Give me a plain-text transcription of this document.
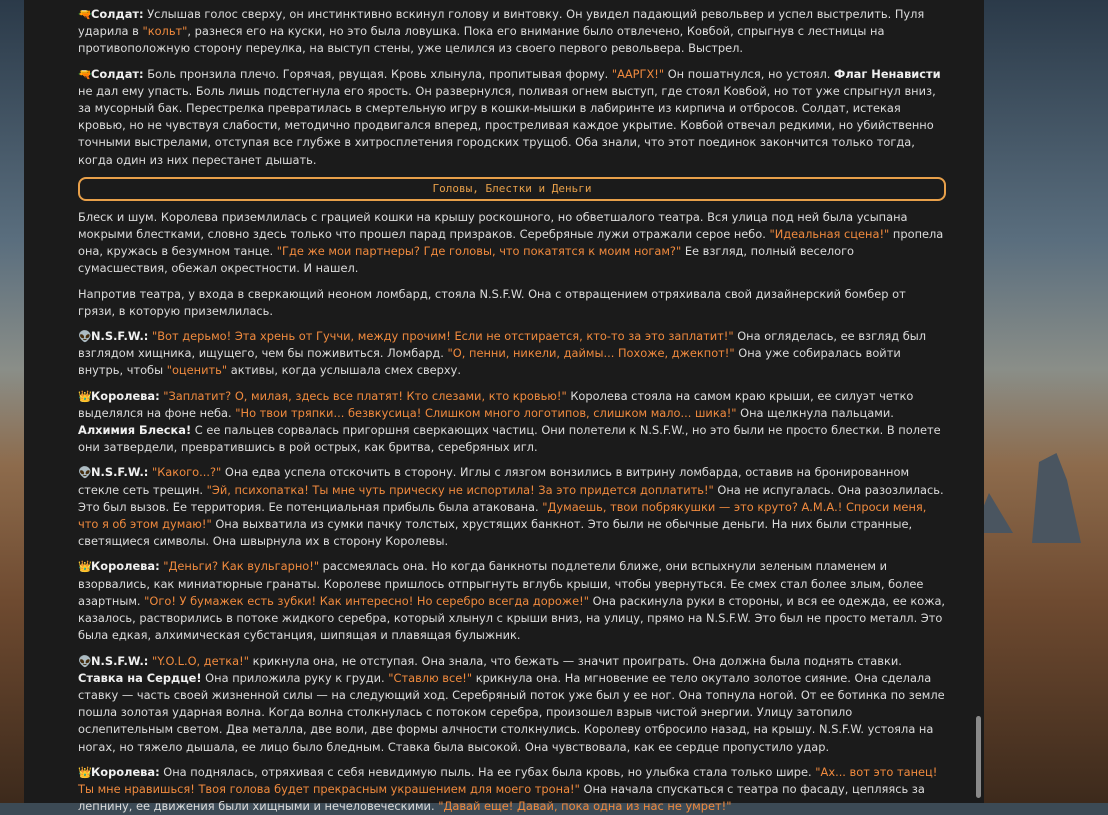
🔫Солдат: Услышав голос сверху, он инстинктивно вскинул голову и винтовку. Он увидел падающий револьвер и успел выстрелить. Пуля ударила в "кольт", разнеся его на куски, но это была ловушка. Пока его внимание было отвлечено, Ковбой, спрыгнув с лестницы на противоположную сторону переулка, на выступ стены, уже целился из своего первого револьвера. Выстрел.

🔫Солдат: Боль пронзила плечо. Горячая, рвущая. Кровь хлынула, пропитывая форму. "ААРГХ!" Он пошатнулся, но устоял. Флаг Ненависти не дал ему упасть. Боль лишь подстегнула его ярость. Он развернулся, поливая огнем выступ, где стоял Ковбой, но тот уже спрыгнул вниз, за мусорный бак. Перестрелка превратилась в смертельную игру в кошки-мышки в лабиринте из кирпича и отбросов. Солдат, истекая кровью, но не чувствуя слабости, методично продвигался вперед, простреливая каждое укрытие. Ковбой отвечал редкими, но убийственно точными выстрелами, отступая все глубже в хитросплетения городских трущоб. Оба знали, что этот поединок закончится только тогда, когда один из них перестанет дышать.

Головы, Блестки и Деньги

Блеск и шум. Королева приземлилась с грацией кошки на крышу роскошного, но обветшалого театра. Вся улица под ней была усыпана мокрыми блестками, словно здесь только что прошел парад призраков. Серебряные лужи отражали серое небо. "Идеальная сцена!" пропела она, кружась в безумном танце. "Где же мои партнеры? Где головы, что покатятся к моим ногам?" Ее взгляд, полный веселого сумасшествия, обежал окрестности. И нашел.

Напротив театра, у входа в сверкающий неоном ломбард, стояла N.S.F.W. Она с отвращением отряхивала свой дизайнерский бомбер от грязи, в которую приземлилась.

👽N.S.F.W.: "Вот дерьмо! Эта хрень от Гуччи, между прочим! Если не отстирается, кто-то за это заплатит!" Она огляделась, ее взгляд был взглядом хищника, ищущего, чем бы поживиться. Ломбард. "О, пенни, никели, даймы... Похоже, джекпот!" Она уже собиралась войти внутрь, чтобы "оценить" активы, когда услышала смех сверху.

👑Королева: "Заплатит? О, милая, здесь все платят! Кто слезами, кто кровью!" Королева стояла на самом краю крыши, ее силуэт четко выделялся на фоне неба. "Но твои тряпки... безвкусица! Слишком много логотипов, слишком мало... шика!" Она щелкнула пальцами. Алхимия Блеска! С ее пальцев сорвалась пригоршня сверкающих частиц. Они полетели к N.S.F.W., но это были не просто блестки. В полете они затвердели, превратившись в рой острых, как бритва, серебряных игл.

👽N.S.F.W.: "Какого...?" Она едва успела отскочить в сторону. Иглы с лязгом вонзились в витрину ломбарда, оставив на бронированном стекле сеть трещин. "Эй, психопатка! Ты мне чуть прическу не испортила! За это придется доплатить!" Она не испугалась. Она разозлилась. Это был вызов. Ее территория. Ее потенциальная прибыль была атакована. "Думаешь, твои побрякушки — это круто? А.М.А.! Спроси меня, что я об этом думаю!" Она выхватила из сумки пачку толстых, хрустящих банкнот. Это были не обычные деньги. На них были странные, светящиеся символы. Она швырнула их в сторону Королевы.

👑Королева: "Деньги? Как вульгарно!" рассмеялась она. Но когда банкноты подлетели ближе, они вспыхнули зеленым пламенем и взорвались, как миниатюрные гранаты. Королеве пришлось отпрыгнуть вглубь крыши, чтобы увернуться. Ее смех стал более злым, более азартным. "Ого! У бумажек есть зубки! Как интересно! Но серебро всегда дороже!" Она раскинула руки в стороны, и вся ее одежда, ее кожа, казалось, растворились в потоке жидкого серебра, который хлынул с крыши вниз, на улицу, прямо на N.S.F.W. Это был не просто металл. Это была едкая, алхимическая субстанция, шипящая и плавящая булыжник.

👽N.S.F.W.: "Y.O.L.O, детка!" крикнула она, не отступая. Она знала, что бежать — значит проиграть. Она должна была поднять ставки. Ставка на Сердце! Она приложила руку к груди. "Ставлю все!" крикнула она. На мгновение ее тело окутало золотое сияние. Она сделала ставку — часть своей жизненной силы — на следующий ход. Серебряный поток уже был у ее ног. Она топнула ногой. От ее ботинка по земле пошла золотая ударная волна. Когда волна столкнулась с потоком серебра, произошел взрыв чистой энергии. Улицу затопило ослепительным светом. Два металла, две воли, две формы алчности столкнулись. Королеву отбросило назад, на крышу. N.S.F.W. устояла на ногах, но тяжело дышала, ее лицо было бледным. Ставка была высокой. Она чувствовала, как ее сердце пропустило удар.

👑Королева: Она поднялась, отряхивая с себя невидимую пыль. На ее губах была кровь, но улыбка стала только шире. "Ах... вот это танец! Ты мне нравишься! Твоя голова будет прекрасным украшением для моего трона!" Она начала спускаться с театра по фасаду, цепляясь за лепнину, ее движения были хищными и нечеловеческими. "Давай еще! Давай, пока одна из нас не умрет!"
